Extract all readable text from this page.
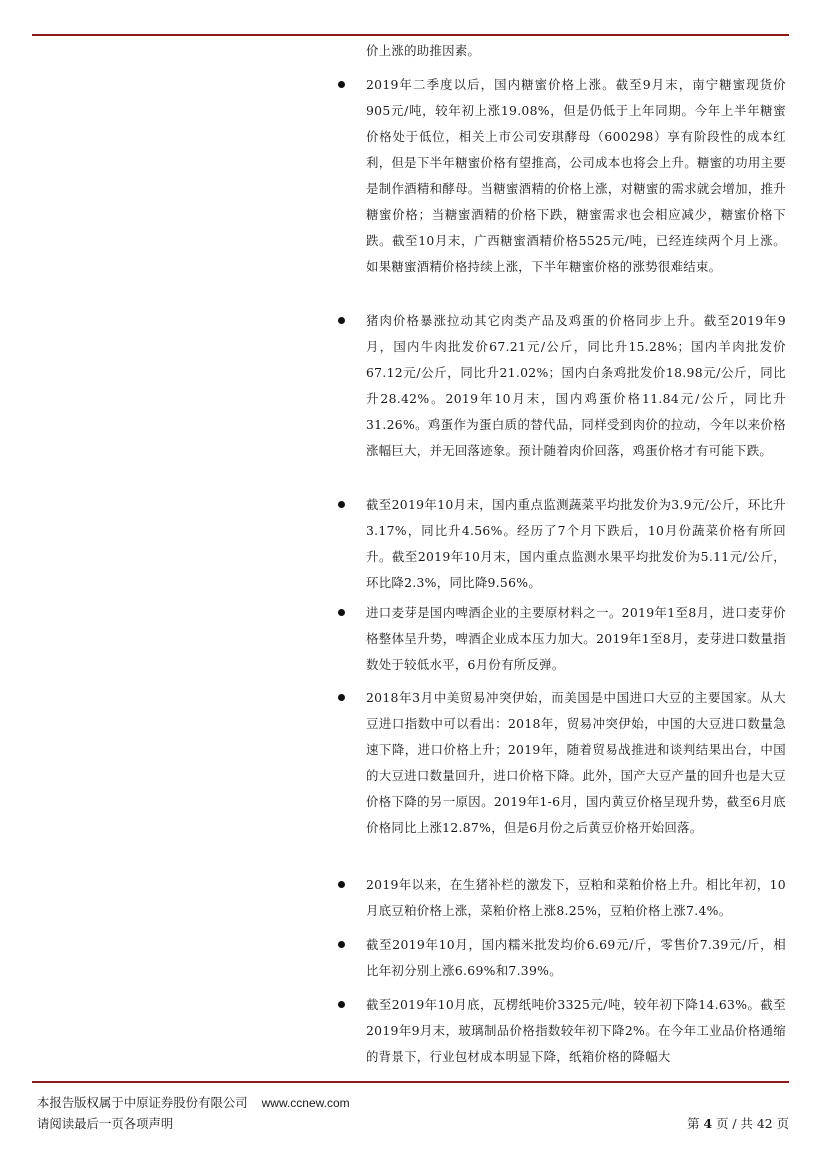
价上涨的助推因素。
2019年二季度以后，国内糖蜜价格上涨。截至9月末，南宁糖蜜现货价905元/吨，较年初上涨19.08%，但是仍低于上年同期。今年上半年糖蜜价格处于低位，相关上市公司安琪酵母（600298）享有阶段性的成本红利，但是下半年糖蜜价格有望推高，公司成本也将会上升。糖蜜的功用主要是制作酒精和酵母。当糖蜜酒精的价格上涨，对糖蜜的需求就会增加，推升糖蜜价格；当糖蜜酒精的价格下跌，糖蜜需求也会相应减少，糖蜜价格下跌。截至10月末，广西糖蜜酒精价格5525元/吨，已经连续两个月上涨。如果糖蜜酒精价格持续上涨，下半年糖蜜价格的涨势很难结束。
猪肉价格暴涨拉动其它肉类产品及鸡蛋的价格同步上升。截至2019年9月，国内牛肉批发价67.21元/公斤，同比升15.28%；国内羊肉批发价67.12元/公斤，同比升21.02%；国内白条鸡批发价18.98元/公斤，同比升28.42%。2019年10月末，国内鸡蛋价格11.84元/公斤，同比升31.26%。鸡蛋作为蛋白质的替代品，同样受到肉价的拉动，今年以来价格涨幅巨大，并无回落迹象。预计随着肉价回落，鸡蛋价格才有可能下跌。
截至2019年10月末，国内重点监测蔬菜平均批发价为3.9元/公斤，环比升3.17%，同比升4.56%。经历了7个月下跌后，10月份蔬菜价格有所回升。截至2019年10月末，国内重点监测水果平均批发价为5.11元/公斤，环比降2.3%，同比降9.56%。
进口麦芽是国内啤酒企业的主要原材料之一。2019年1至8月，进口麦芽价格整体呈升势，啤酒企业成本压力加大。2019年1至8月，麦芽进口数量指数处于较低水平，6月份有所反弹。
2018年3月中美贸易冲突伊始，而美国是中国进口大豆的主要国家。从大豆进口指数中可以看出：2018年，贸易冲突伊始，中国的大豆进口数量急速下降，进口价格上升；2019年，随着贸易战推进和谈判结果出台，中国的大豆进口数量回升，进口价格下降。此外，国产大豆产量的回升也是大豆价格下降的另一原因。2019年1-6月，国内黄豆价格呈现升势，截至6月底价格同比上涨12.87%，但是6月份之后黄豆价格开始回落。
2019年以来，在生猪补栏的激发下，豆粕和菜粕价格上升。相比年初，10月底豆粕价格上涨，菜粕价格上涨8.25%，豆粕价格上涨7.4%。
截至2019年10月，国内糯米批发均价6.69元/斤，零售价7.39元/斤，相比年初分别上涨6.69%和7.39%。
截至2019年10月底，瓦楞纸吨价3325元/吨，较年初下降14.63%。截至2019年9月末，玻璃制品价格指数较年初下降2%。在今年工业品价格通缩的背景下，行业包材成本明显下降，纸箱价格的降幅大
本报告版权属于中原证券股份有限公司 www.ccnew.com
请阅读最后一页各项声明	第 4 页 / 共 42 页
